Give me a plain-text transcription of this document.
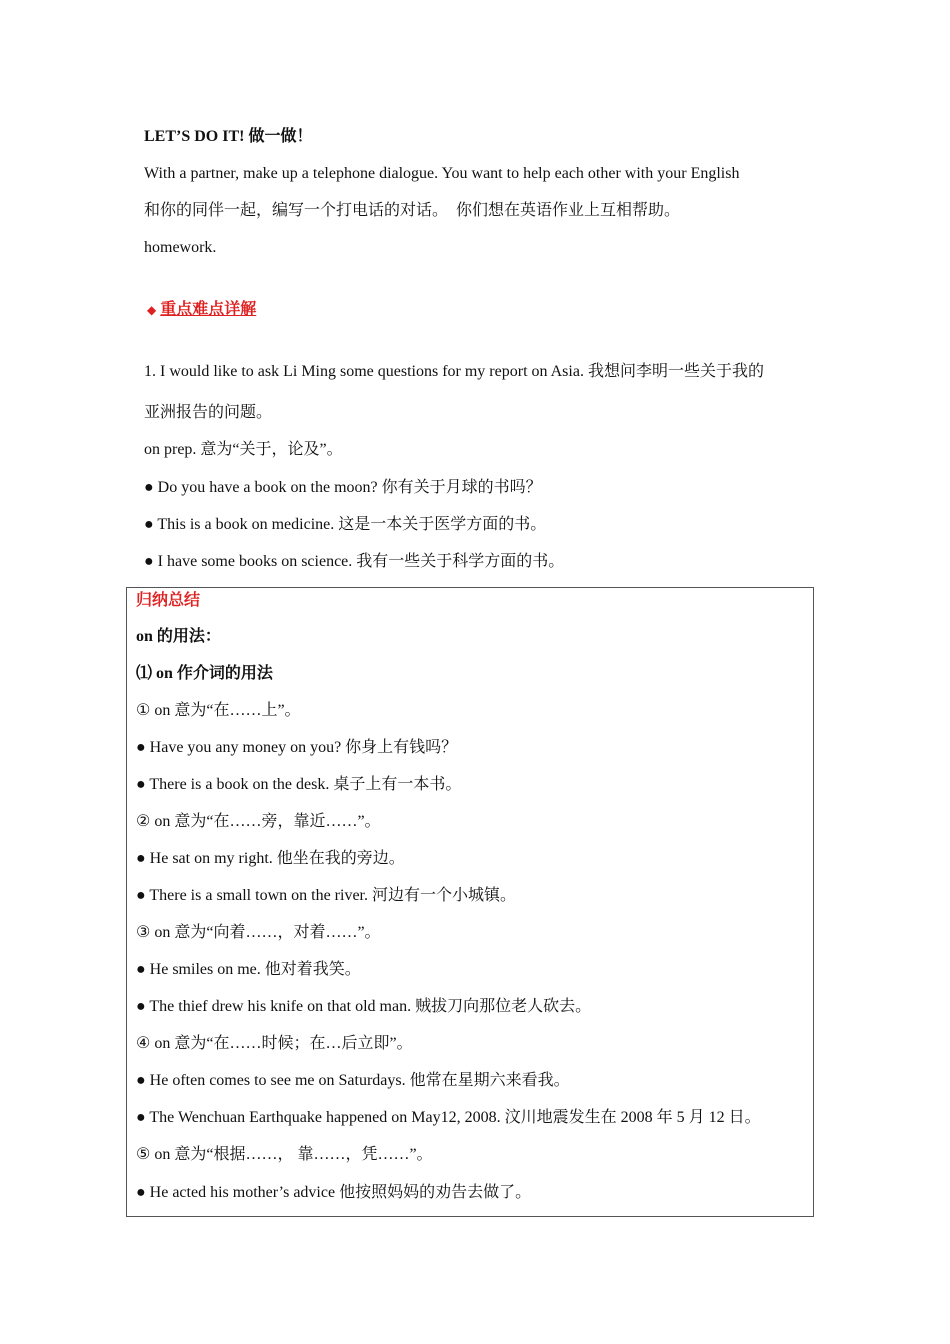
LET’S DO IT! 做一做！
With a partner, make up a telephone dialogue. You want to help each other with your English
和你的同伴一起，编写一个打电话的对话。　你们想在英语作业上互相帮助。
homework.
◆ 重点难点详解
1. I would like to ask Li Ming some questions for my report on Asia. 我想问李明一些关于我的
亚洲报告的问题。
on prep. 意为“关于，论及”。
● Do you have a book on the moon? 你有关于月球的书吗？
● This is a book on medicine. 这是一本关于医学方面的书。
● I have some books on science. 我有一些关于科学方面的书。
归纳总结
on 的用法：
⑴ on 作介词的用法
① on 意为“在……上”。
● Have you any money on you? 你身上有钱吗？
● There is a book on the desk. 桌子上有一本书。
② on 意为“在……旁，靠近……”。
● He sat on my right. 他坐在我的旁边。
● There is a small town on the river. 河边有一个小城镇。
③ on 意为“向着……，对着……”。
● He smiles on me. 他对着我笑。
● The thief drew his knife on that old man. 贼拔刀向那位老人砍去。
④ on 意为“在……时候；在…后立即”。
● He often comes to see me on Saturdays. 他常在星期六来看我。
● The Wenchuan Earthquake happened on May12, 2008. 汶川地震发生在 2008 年 5 月 12 日。
⑤ on 意为“根据……， 靠……，凭……”。
● He acted his mother’s advice 他按照妈妈的劝告去做了。
